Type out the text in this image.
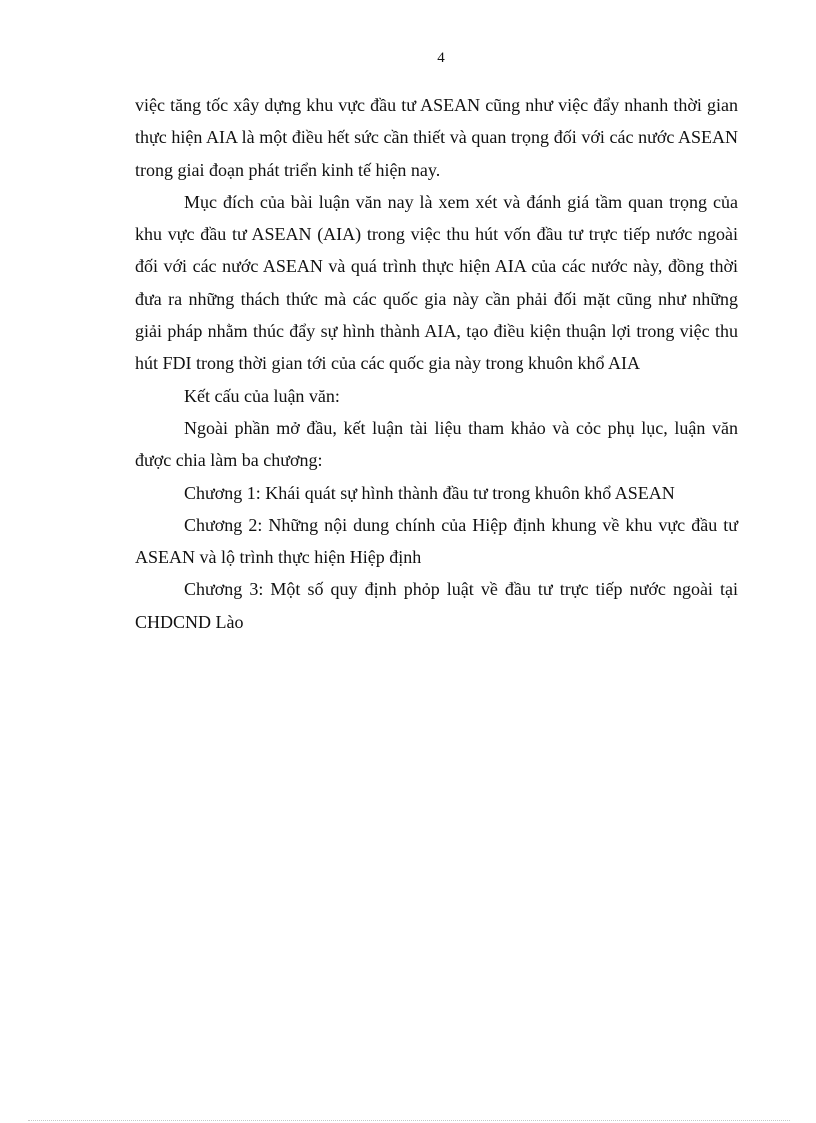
4

việc tăng tốc xây dựng khu vực đầu tư ASEAN cũng như việc đẩy nhanh thời gian thực hiện AIA là một điều hết sức cần thiết và quan trọng đối với các nước ASEAN trong giai đoạn phát triển kinh tế hiện nay.

Mục đích của bài luận văn nay là xem xét và đánh giá tầm quan trọng của khu vực đầu tư ASEAN (AIA) trong việc thu hút vốn đầu tư trực tiếp nước ngoài đối với các nước ASEAN và quá trình thực hiện AIA của các nước này, đồng thời đưa ra những thách thức mà các quốc gia này cần phải đối mặt cũng như những giải pháp nhằm thúc đẩy sự hình thành AIA, tạo điều kiện thuận lợi trong việc thu hút FDI trong thời gian tới của các quốc gia này trong khuôn khổ AIA

Kết cấu của luận văn:

Ngoài phần mở đầu, kết luận tài liệu tham khảo và cỏc phụ lục, luận văn được chia làm ba chương:

Chương 1: Khái quát sự hình thành đầu tư trong khuôn khổ ASEAN

Chương 2: Những nội dung chính của Hiệp định khung về khu vực đầu tư ASEAN và lộ trình thực hiện Hiệp định

Chương 3: Một số quy định phỏp luật về đầu tư trực tiếp nước ngoài tại CHDCND Lào
